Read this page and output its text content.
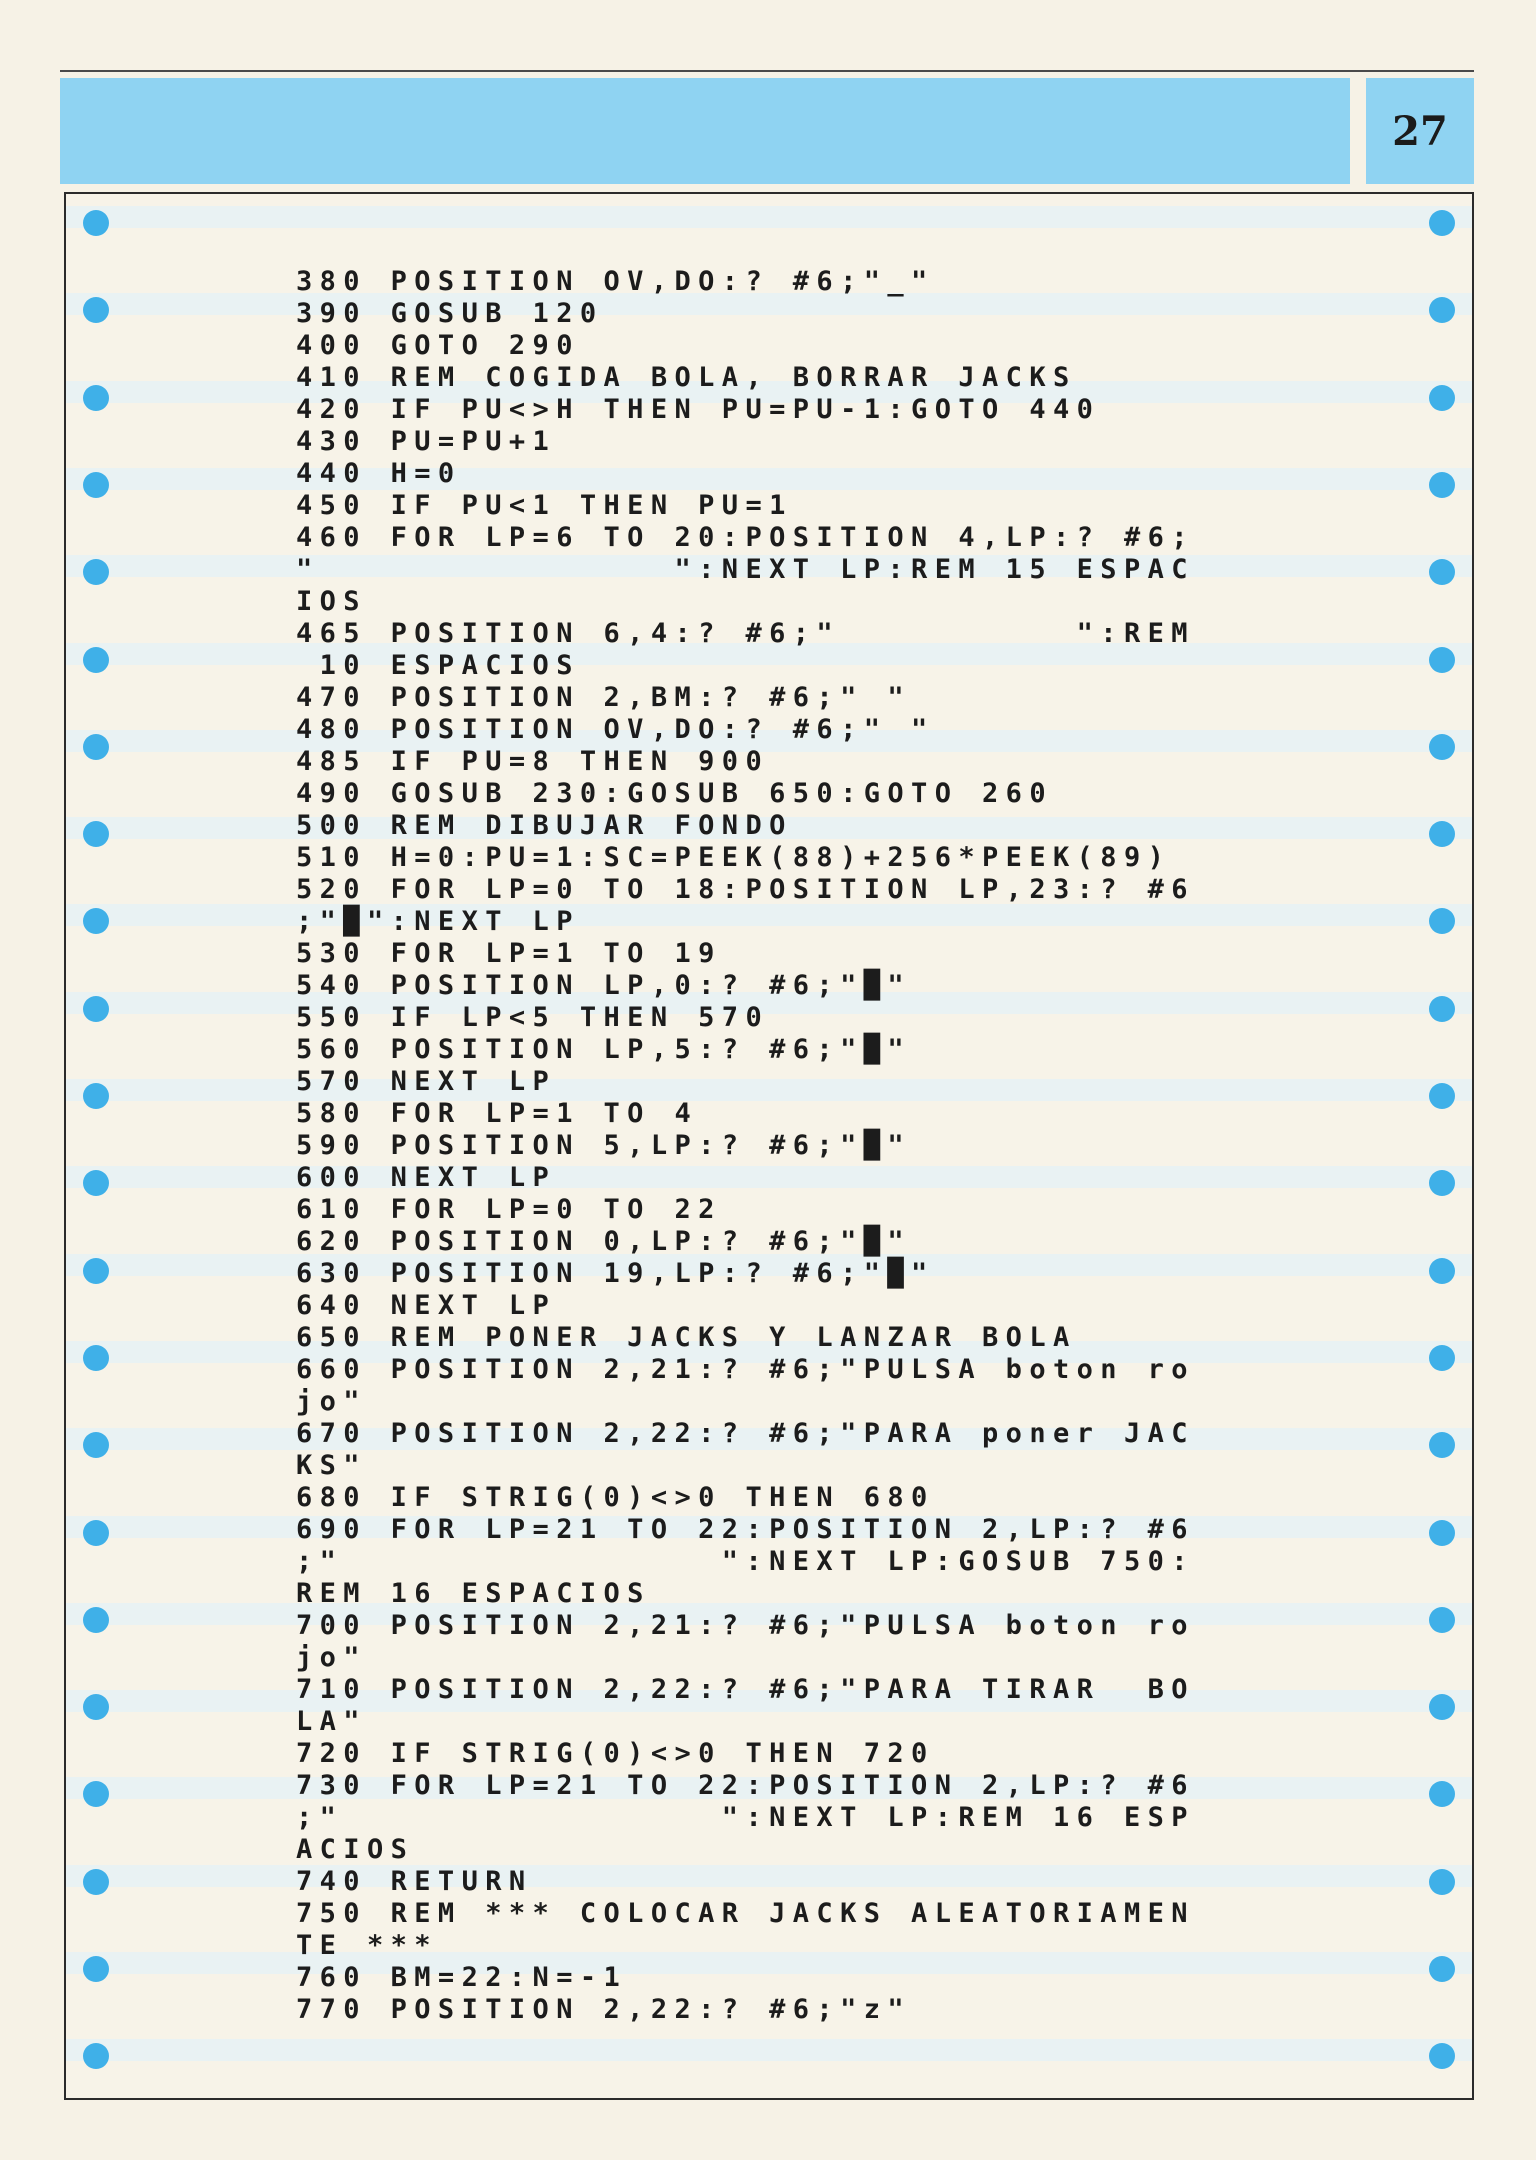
27
380 POSITION OV,DO:? #6;"_"
390 GOSUB 120
400 GOTO 290
410 REM COGIDA BOLA, BORRAR JACKS
420 IF PU<>H THEN PU=PU-1:GOTO 440
430 PU=PU+1
440 H=0
450 IF PU<1 THEN PU=1
460 FOR LP=6 TO 20:POSITION 4,LP:? #6;
"               ":NEXT LP:REM 15 ESPAC
IOS
465 POSITION 6,4:? #6;"          ":REM
10 ESPACIOS
470 POSITION 2,BM:? #6;" "
480 POSITION OV,DO:? #6;" "
485 IF PU=8 THEN 900
490 GOSUB 230:GOSUB 650:GOTO 260
500 REM DIBUJAR FONDO
510 H=0:PU=1:SC=PEEK(88)+256*PEEK(89)
520 FOR LP=0 TO 18:POSITION LP,23:? #6
;"█":NEXT LP
530 FOR LP=1 TO 19
540 POSITION LP,0:? #6;"█"
550 IF LP<5 THEN 570
560 POSITION LP,5:? #6;"█"
570 NEXT LP
580 FOR LP=1 TO 4
590 POSITION 5,LP:? #6;"█"
600 NEXT LP
610 FOR LP=0 TO 22
620 POSITION 0,LP:? #6;"█"
630 POSITION 19,LP:? #6;"█"
640 NEXT LP
650 REM PONER JACKS Y LANZAR BOLA
660 POSITION 2,21:? #6;"PULSA boton ro
jo"
670 POSITION 2,22:? #6;"PARA poner JAC
KS"
680 IF STRIG(0)<>0 THEN 680
690 FOR LP=21 TO 22:POSITION 2,LP:? #6
;"                ":NEXT LP:GOSUB 750:
REM 16 ESPACIOS
700 POSITION 2,21:? #6;"PULSA boton ro
jo"
710 POSITION 2,22:? #6;"PARA TIRAR  BO
LA"
720 IF STRIG(0)<>0 THEN 720
730 FOR LP=21 TO 22:POSITION 2,LP:? #6
;"                ":NEXT LP:REM 16 ESP
ACIOS
740 RETURN
750 REM *** COLOCAR JACKS ALEATORIAMEN
TE ***
760 BM=22:N=-1
770 POSITION 2,22:? #6;"z"
